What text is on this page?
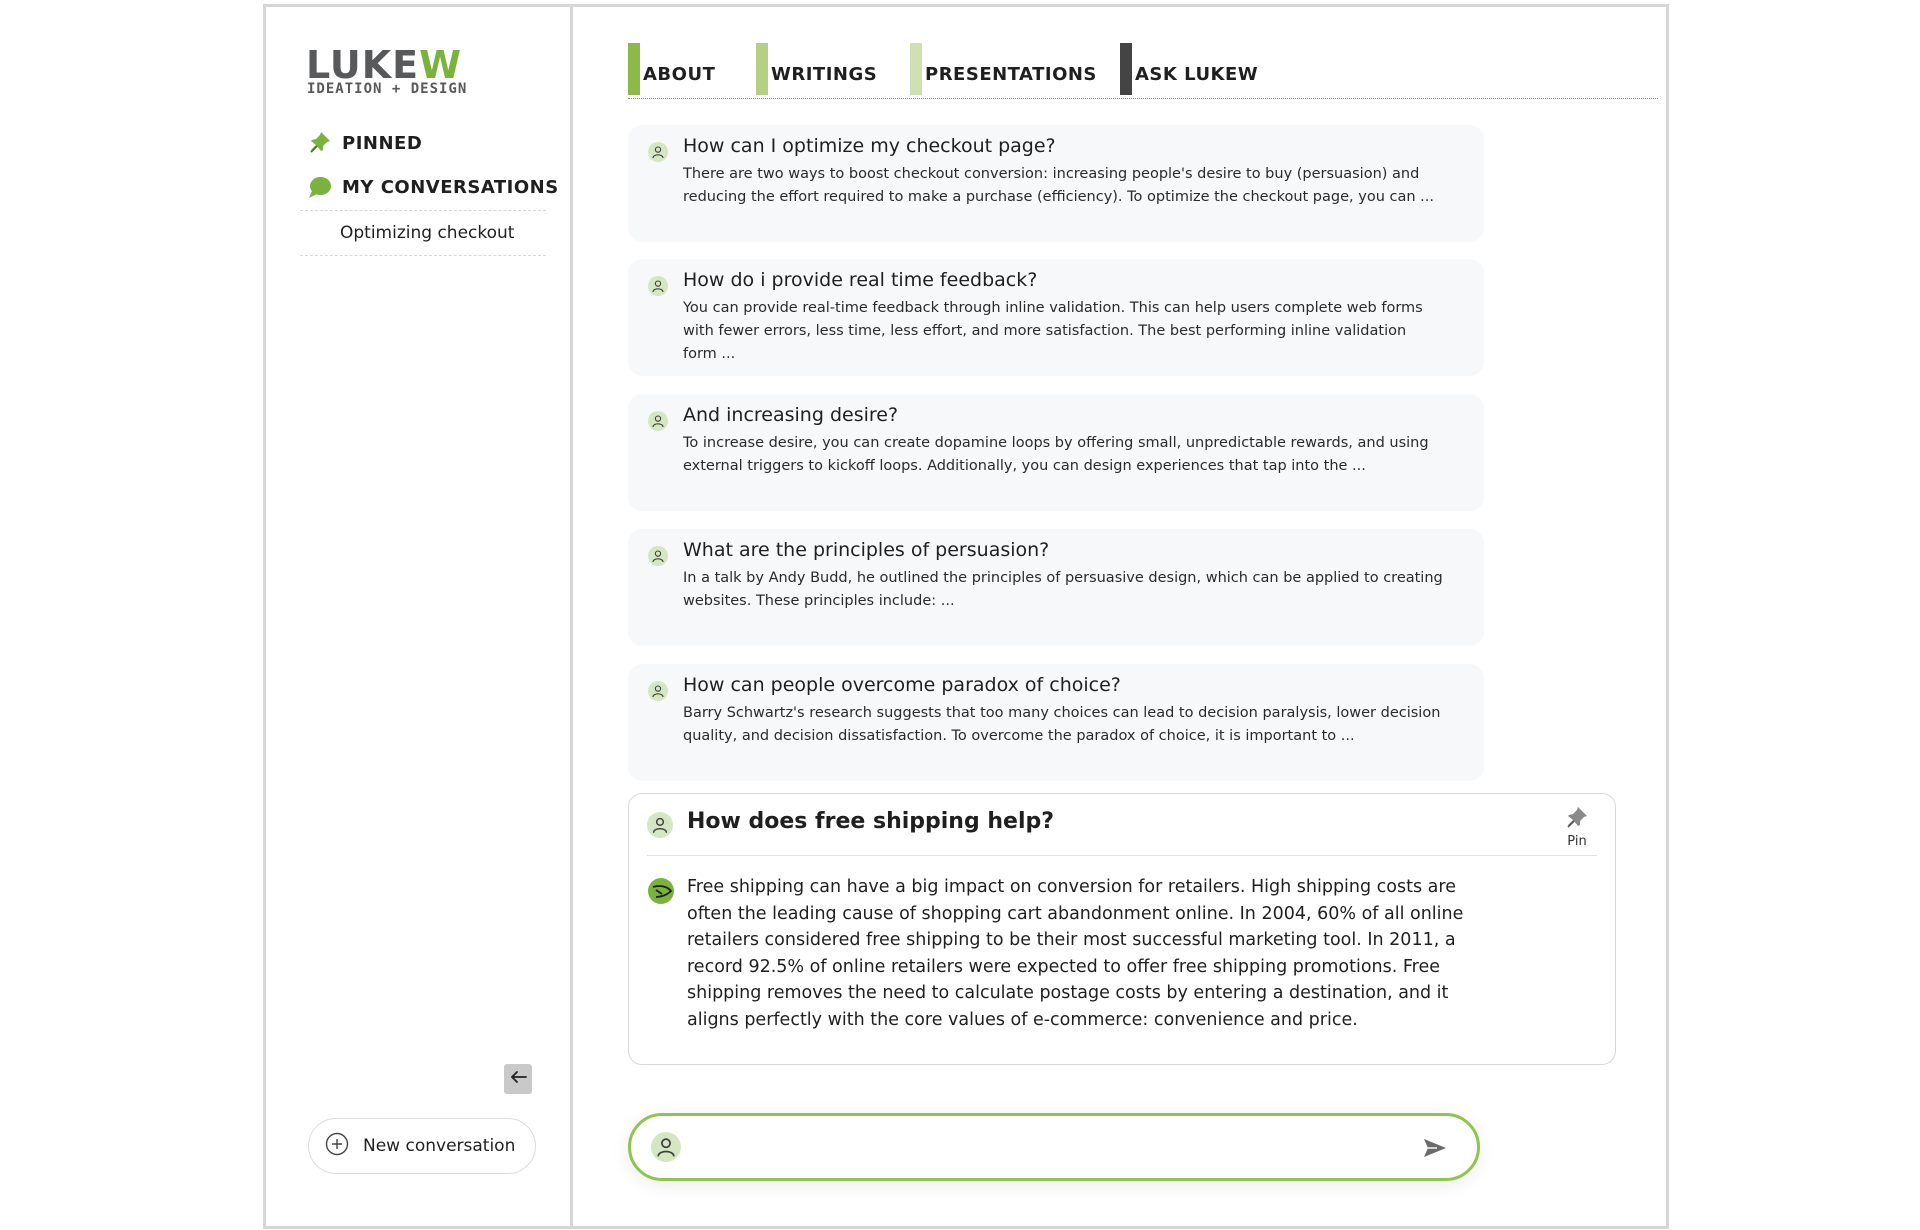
LUKEW
IDEATION + DESIGN
PINNED
MY CONVERSATIONS
Optimizing checkout
New conversation
ABOUT	WRITINGS	PRESENTATIONS	ASK LUKEW
How can I optimize my checkout page?
There are two ways to boost checkout conversion: increasing people's desire to buy (persuasion) and reducing the effort required to make a purchase (efficiency). To optimize the checkout page, you can ...
How do i provide real time feedback?
You can provide real-time feedback through inline validation. This can help users complete web forms with fewer errors, less time, less effort, and more satisfaction. The best performing inline validation form ...
And increasing desire?
To increase desire, you can create dopamine loops by offering small, unpredictable rewards, and using external triggers to kickoff loops. Additionally, you can design experiences that tap into the ...
What are the principles of persuasion?
In a talk by Andy Budd, he outlined the principles of persuasive design, which can be applied to creating websites. These principles include: ...
How can people overcome paradox of choice?
Barry Schwartz's research suggests that too many choices can lead to decision paralysis, lower decision quality, and decision dissatisfaction. To overcome the paradox of choice, it is important to ...
How does free shipping help?
Pin
Free shipping can have a big impact on conversion for retailers. High shipping costs are often the leading cause of shopping cart abandonment online. In 2004, 60% of all online retailers considered free shipping to be their most successful marketing tool. In 2011, a record 92.5% of online retailers were expected to offer free shipping promotions. Free shipping removes the need to calculate postage costs by entering a destination, and it aligns perfectly with the core values of e-commerce: convenience and price.
